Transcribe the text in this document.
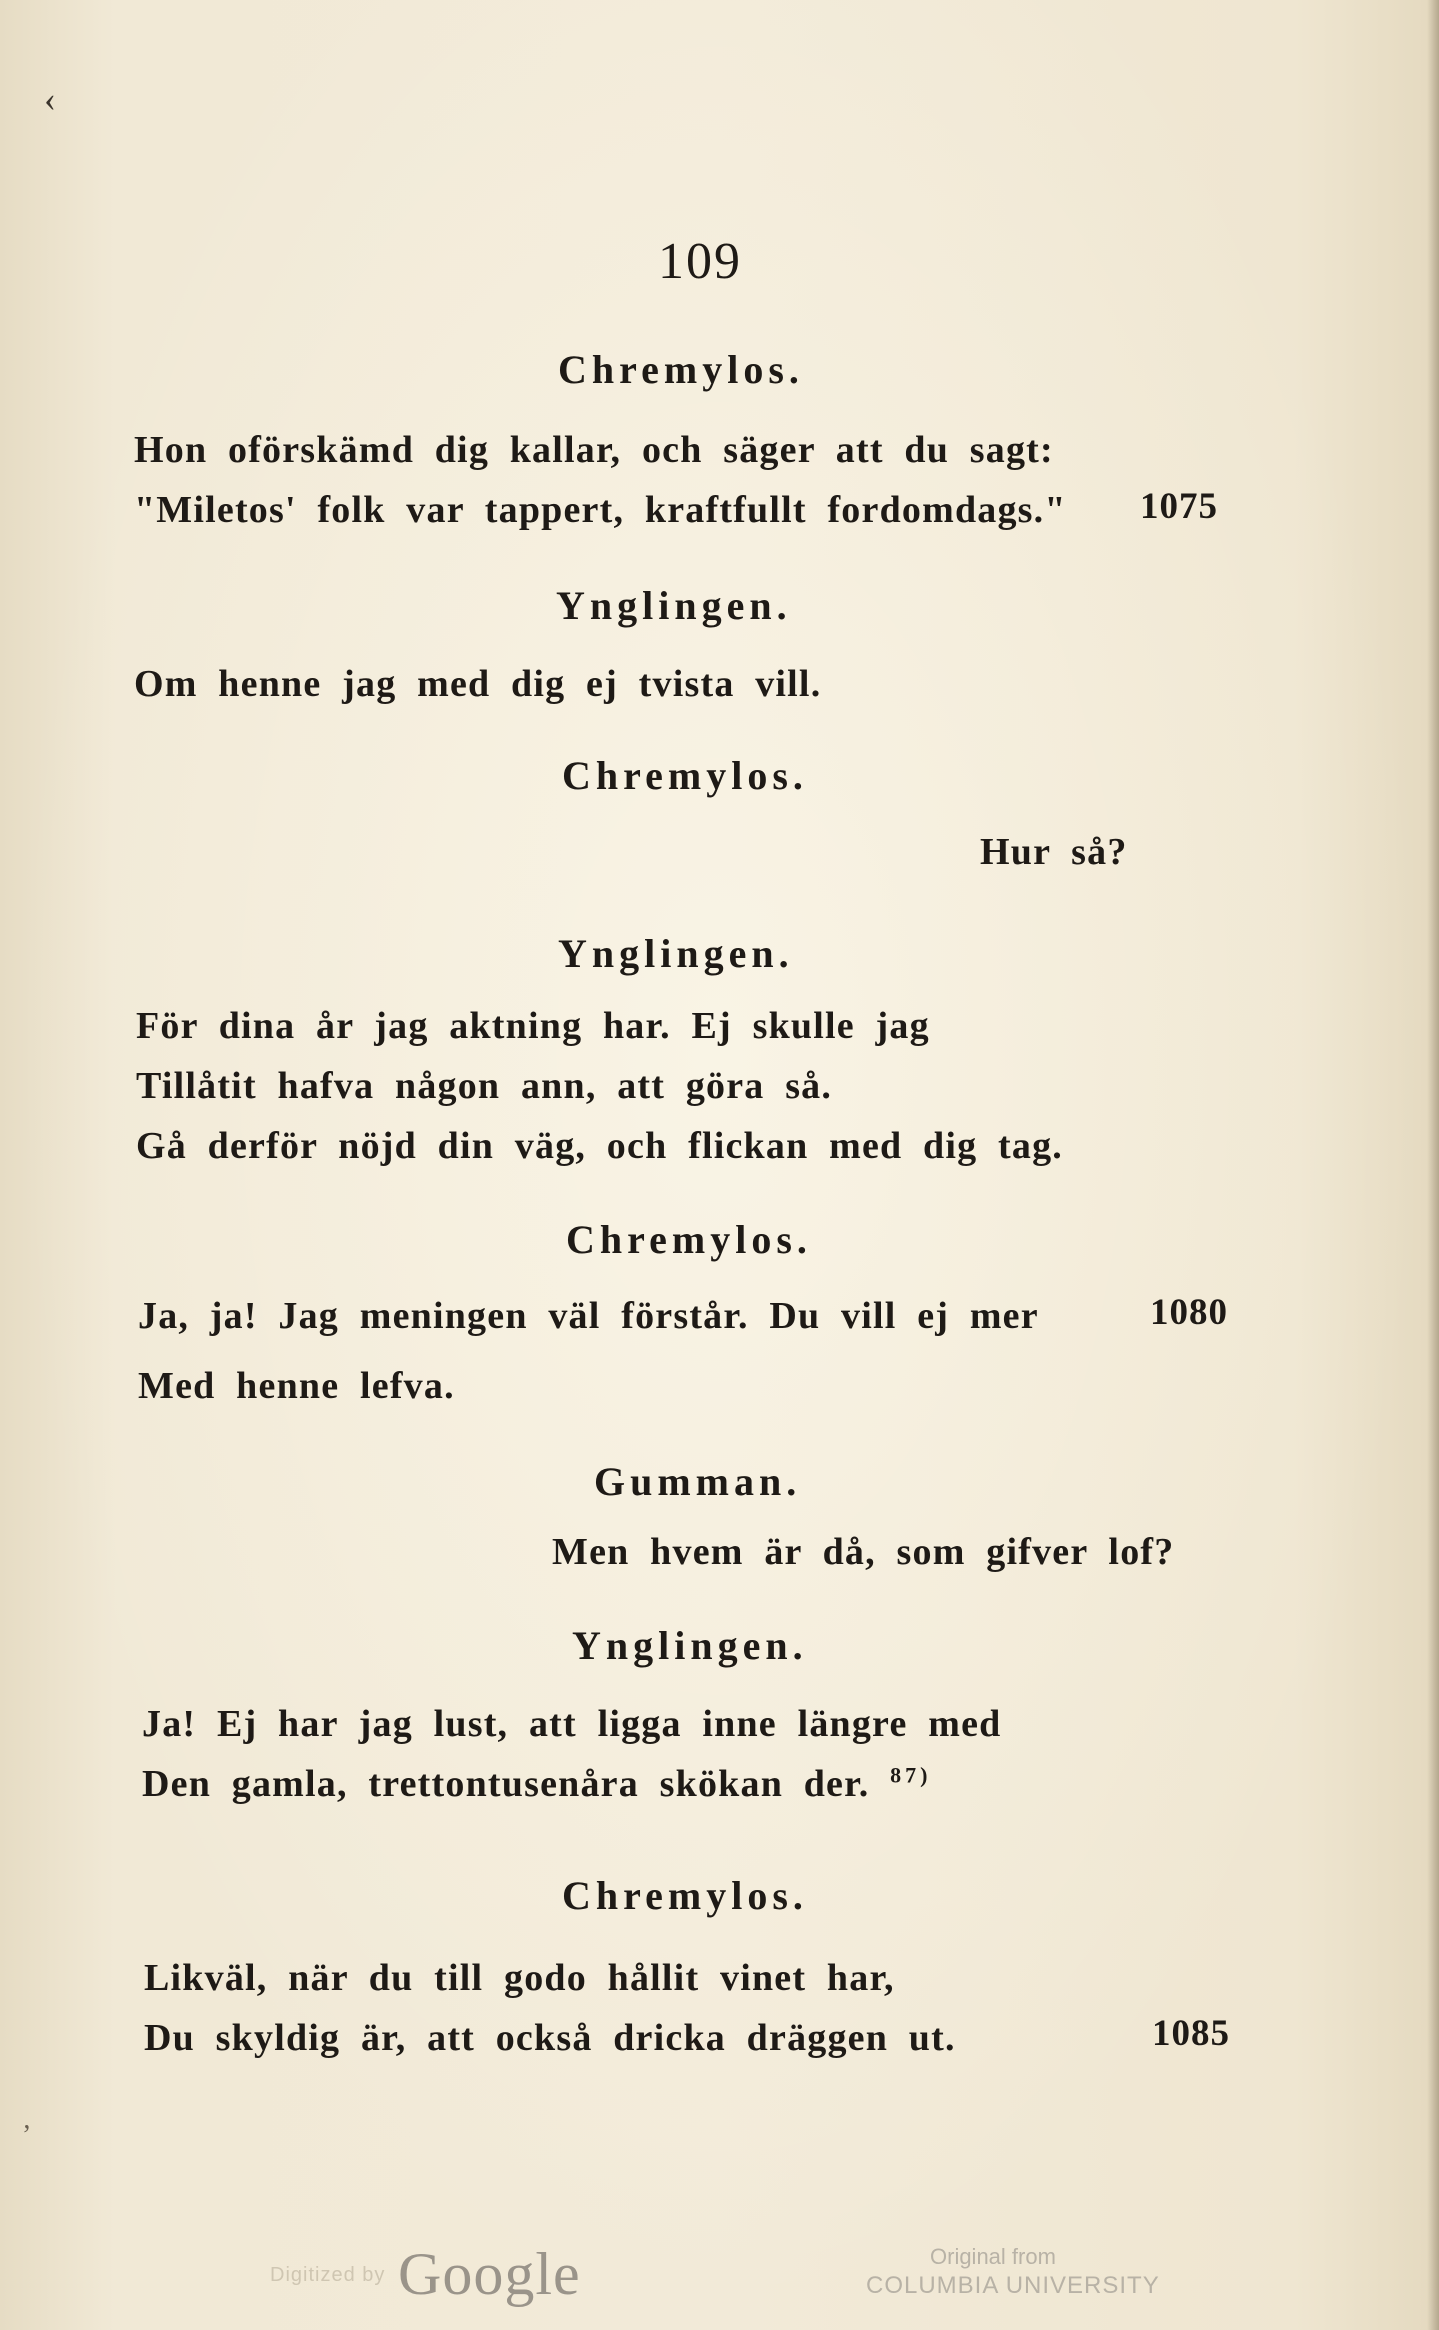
109
Chremylos.
Hon oförskämd dig kallar, och säger att du sagt:
"Miletos' folk var tappert, kraftfullt fordomdags." 1075
Ynglingen.
Om henne jag med dig ej tvista vill.
Chremylos.
Hur så?
Ynglingen.
För dina år jag aktning har. Ej skulle jag
Tillåtit hafva någon ann, att göra så.
Gå derför nöjd din väg, och flickan med dig tag.
Chremylos.
Ja, ja! Jag meningen väl förstår. Du vill ej mer	1080
Med henne lefva.
Gumman.
Men hvem är då, som gifver lof?
Ynglingen.
Ja! Ej har jag lust, att ligga inne längre med
Den gamla, trettontusenåra skökan der. $^{87)}$
Chremylos.
Likväl, när du till godo hållit vinet har,
Du skyldig är, att också dricka dräggen ut.	1085
‹
ʼ
Digitized by Google	Original from
COLUMBIA UNIVERSITY
